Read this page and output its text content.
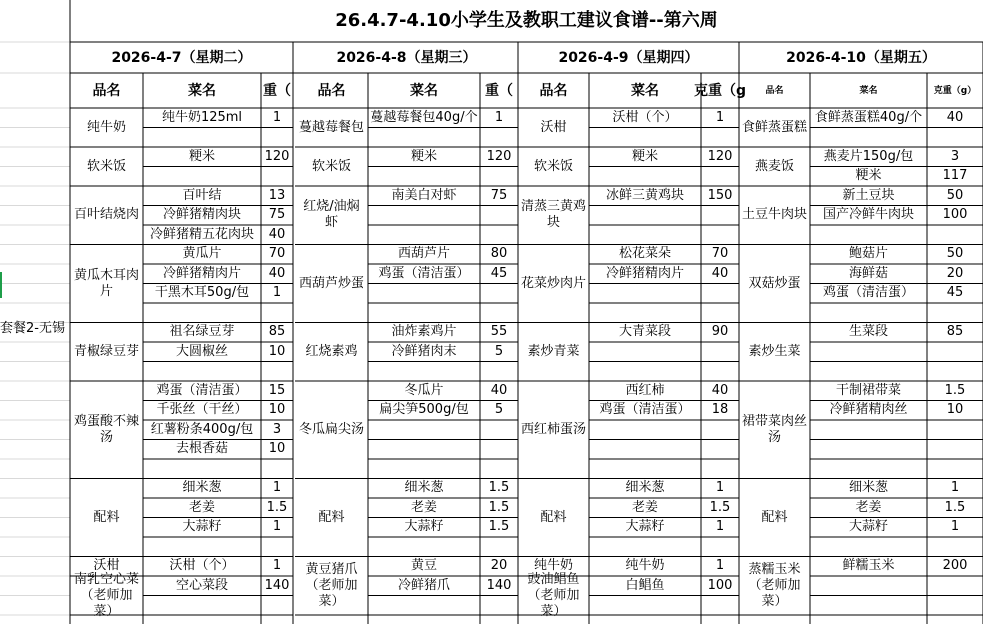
26.4.7-4.10小学生及教职工建议食谱--第六周
套餐2-无锡
2026-4-7（星期二）
品名	菜名	重（
纯牛奶
纯牛奶125ml	1
软米饭
粳米	120
百叶结烧肉
百叶结	13
冷鲜猪精肉块	75
冷鲜猪精五花肉块	40
黄瓜木耳肉片
黄瓜片	70
冷鲜猪精肉片	40
干黑木耳50g/包	1
青椒绿豆芽
祖名绿豆芽	85
大圆椒丝	10
鸡蛋酸不辣汤
鸡蛋（清洁蛋）	15
千张丝（干丝）	10
红薯粉条400g/包	3
去根香菇	10
配料
细米葱	1
老姜	1.5
大蒜籽	1
沃柑	沃柑（个）	1
南乳空心菜（老师加菜）
空心菜段	140
2026-4-8（星期三）
品名	菜名	重（
蔓越莓餐包
蔓越莓餐包40g/个	1
软米饭
粳米	120
红烧/油焖虾
南美白对虾	75
西葫芦炒蛋
西葫芦片	80
鸡蛋（清洁蛋）	45
红烧素鸡
油炸素鸡片	55
冷鲜猪肉末	5
冬瓜扁尖汤
冬瓜片	40
扁尖笋500g/包	5
配料
细米葱	1.5
老姜	1.5
大蒜籽	1.5
黄豆猪爪（老师加菜）
黄豆	20
冷鲜猪爪	140
2026-4-9（星期四）
品名	菜名	克重（g
沃柑
沃柑（个）	1
软米饭
粳米	120
清蒸三黄鸡块
冰鲜三黄鸡块	150
花菜炒肉片
松花菜朵	70
冷鲜猪精肉片	40
素炒青菜
大青菜段	90
西红柿蛋汤
西红柿	40
鸡蛋（清洁蛋）	18
配料
细米葱	1
老姜	1.5
大蒜籽	1
纯牛奶	纯牛奶	1
豉油鲳鱼（老师加菜）
白鲳鱼	100
2026-4-10（星期五）
品名	菜名	克重（g）
食鲜蒸蛋糕
食鲜蒸蛋糕40g/个	40
燕麦饭
燕麦片150g/包	3
粳米	117
土豆牛肉块
新土豆块	50
国产冷鲜牛肉块	100
双菇炒蛋
鲍菇片	50
海鲜菇	20
鸡蛋（清洁蛋）	45
素炒生菜
生菜段	85
裙带菜肉丝汤
干制裙带菜	1.5
冷鲜猪精肉丝	10
配料
细米葱	1
老姜	1.5
大蒜籽	1
蒸糯玉米（老师加菜）
鲜糯玉米	200
